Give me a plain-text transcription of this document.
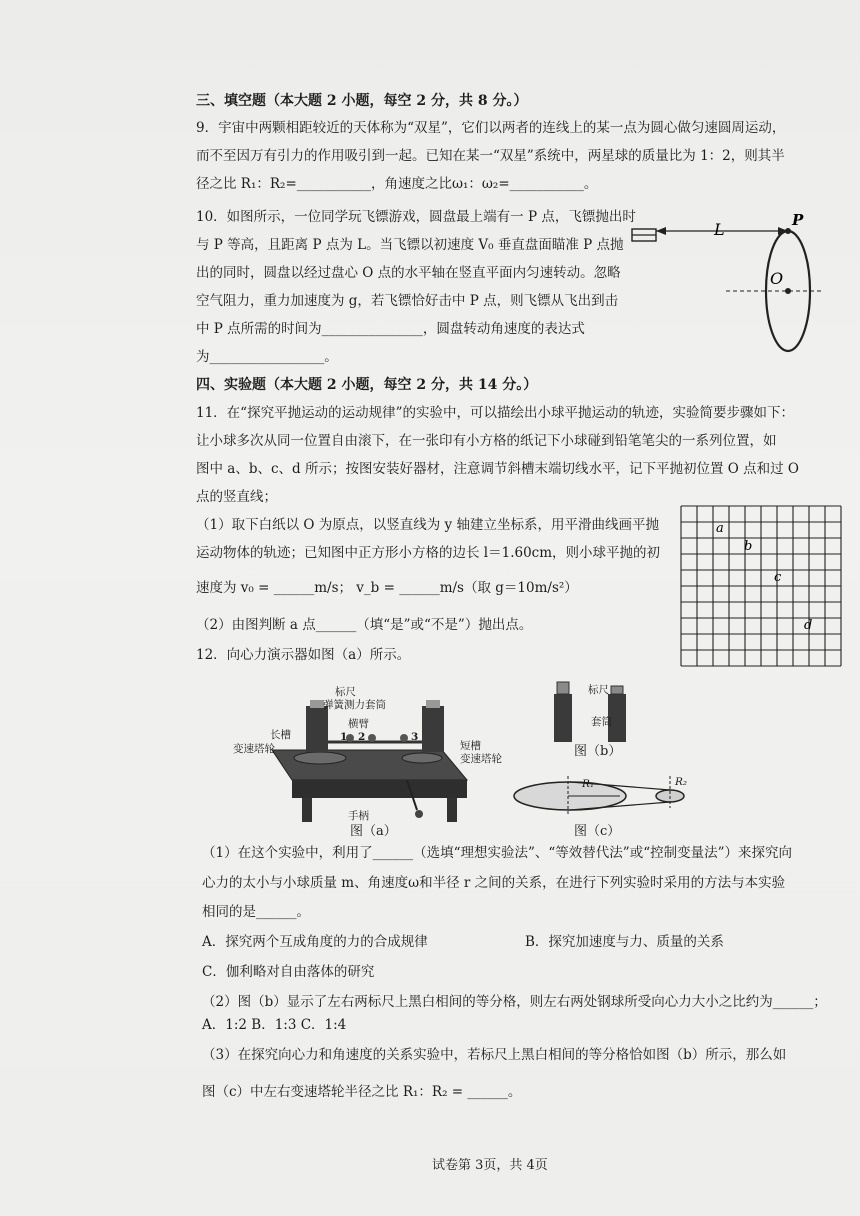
三、填空题（本大题 2 小题，每空 2 分，共 8 分。）
9．宇宙中两颗相距较近的天体称为“双星”，它们以两者的连线上的某一点为圆心做匀速圆周运动，
而不至因万有引力的作用吸引到一起。已知在某一“双星”系统中，两星球的质量比为 1：2，则其半
径之比 R₁：R₂=___________，角速度之比ω₁：ω₂=___________。
10．如图所示，一位同学玩飞镖游戏，圆盘最上端有一 P 点，飞镖抛出时
与 P 等高，且距离 P 点为 L。当飞镖以初速度 V₀ 垂直盘面瞄准 P 点抛
出的同时，圆盘以经过盘心 O 点的水平轴在竖直平面内匀速转动。忽略
空气阻力，重力加速度为 g，若飞镖恰好击中 P 点，则飞镖从飞出到击
中 P 点所需的时间为_______________，圆盘转动角速度的表达式
为_________________。
L	P
O
四、实验题（本大题 2 小题，每空 2 分，共 14 分。）
11．在“探究平抛运动的运动规律”的实验中，可以描绘出小球平抛运动的轨迹，实验简要步骤如下：
让小球多次从同一位置自由滚下，在一张印有小方格的纸记下小球碰到铅笔笔尖的一系列位置，如
图中 a、b、c、d 所示；按图安装好器材，注意调节斜槽末端切线水平，记下平抛初位置 O 点和过 O
点的竖直线；
（1）取下白纸以 O 为原点，以竖直线为 y 轴建立坐标系，用平滑曲线画平抛
运动物体的轨迹；已知图中正方形小方格的边长 l＝1.60cm，则小球平抛的初
速度为 v₀ = ______m/s； v_b = ______m/s（取 g＝10m/s²）
（2）由图判断 a 点______（填“是”或“不是”）抛出点。
a
b
c
d
12．向心力演示器如图（a）所示。
标尺
弹簧测力套筒
横臂
长槽
变速塔轮	短槽
变速塔轮
手柄
1 2	3
图（a）
标尺
套筒
图（b）
R₁	R₂
图（c）
（1）在这个实验中，利用了______（选填“理想实验法”、“等效替代法”或“控制变量法”）来探究向
心力的太小与小球质量 m、角速度ω和半径 r 之间的关系，在进行下列实验时采用的方法与本实验
相同的是______。
A．探究两个互成角度的力的合成规律	B．探究加速度与力、质量的关系
C．伽利略对自由落体的研究
（2）图（b）显示了左右两标尺上黑白相间的等分格，则左右两处钢球所受向心力大小之比约为______；
A．1:2 B．1:3 C．1:4
（3）在探究向心力和角速度的关系实验中，若标尺上黑白相间的等分格恰如图（b）所示，那么如
图（c）中左右变速塔轮半径之比 R₁：R₂ = ______。
试卷第 3页，共 4页
